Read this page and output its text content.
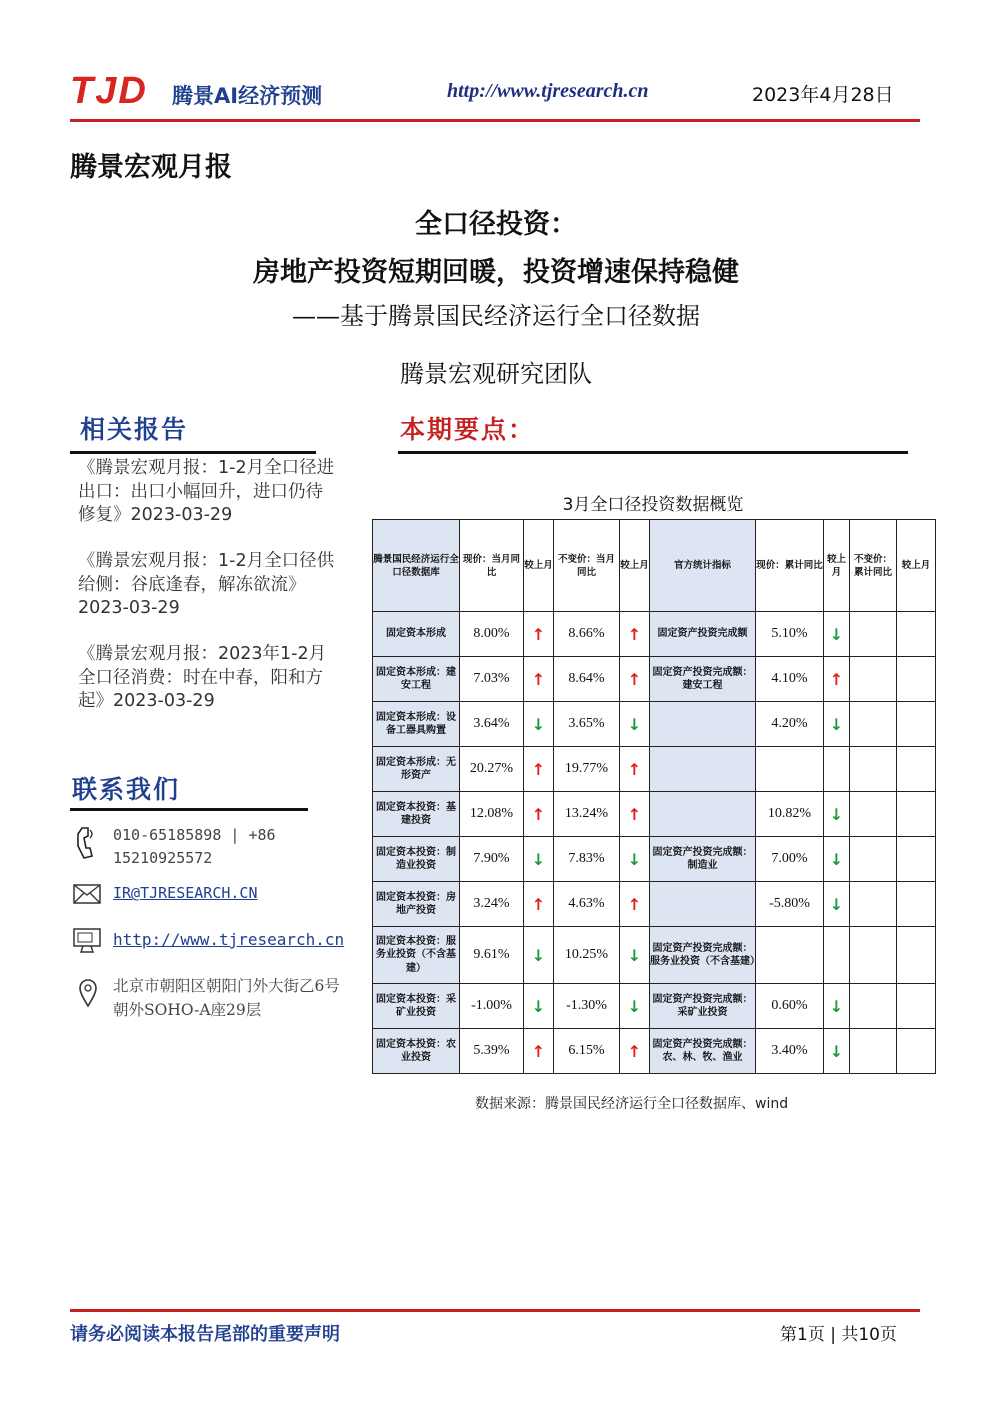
TJD 腾景AI经济预测	http://www.tjresearch.cn	2023年4月28日
腾景宏观月报
全口径投资：
房地产投资短期回暖，投资增速保持稳健
——基于腾景国民经济运行全口径数据
腾景宏观研究团队
相关报告
《腾景宏观月报：1-2月全口径进出口：出口小幅回升，进口仍待修复》2023-03-29
《腾景宏观月报：1-2月全口径供给侧：谷底逢春，解冻欲流》2023-03-29
《腾景宏观月报：2023年1-2月全口径消费：时在中春，阳和方起》2023-03-29
联系我们
010-65185898 | +86 15210925572
IR@TJRESEARCH.CN
http://www.tjresearch.cn
北京市朝阳区朝阳门外大街乙6号朝外SOHO-A座29层
本期要点：
3月全口径投资数据概览
腾景国民经济运行全口径数据库	现价：当月同比	较上月	不变价：当月同比	较上月	官方统计指标	现价：累计同比	较上月	不变价：累计同比	较上月
固定资本形成	8.00%	↑	8.66%	↑	固定资产投资完成额	5.10%	↓		
固定资本形成：建安工程	7.03%	↑	8.64%	↑	固定资产投资完成额：建安工程	4.10%	↑		
固定资本形成：设备工器具购置	3.64%	↓	3.65%	↓		4.20%	↓		
固定资本形成：无形资产	20.27%	↑	19.77%	↑					
固定资本投资：基建投资	12.08%	↑	13.24%	↑		10.82%	↓		
固定资本投资：制造业投资	7.90%	↓	7.83%	↓	固定资产投资完成额：制造业	7.00%	↓		
固定资本投资：房地产投资	3.24%	↑	4.63%	↑		-5.80%	↓		
固定资本投资：服务业投资（不含基建）	9.61%	↓	10.25%	↓	固定资产投资完成额：服务业投资（不含基建）				
固定资本投资：采矿业投资	-1.00%	↓	-1.30%	↓	固定资产投资完成额：采矿业投资	0.60%	↓		
固定资本投资：农业投资	5.39%	↑	6.15%	↑	固定资产投资完成额：农、林、牧、渔业	3.40%	↓		
数据来源：腾景国民经济运行全口径数据库、wind
请务必阅读本报告尾部的重要声明	第1页 | 共10页
